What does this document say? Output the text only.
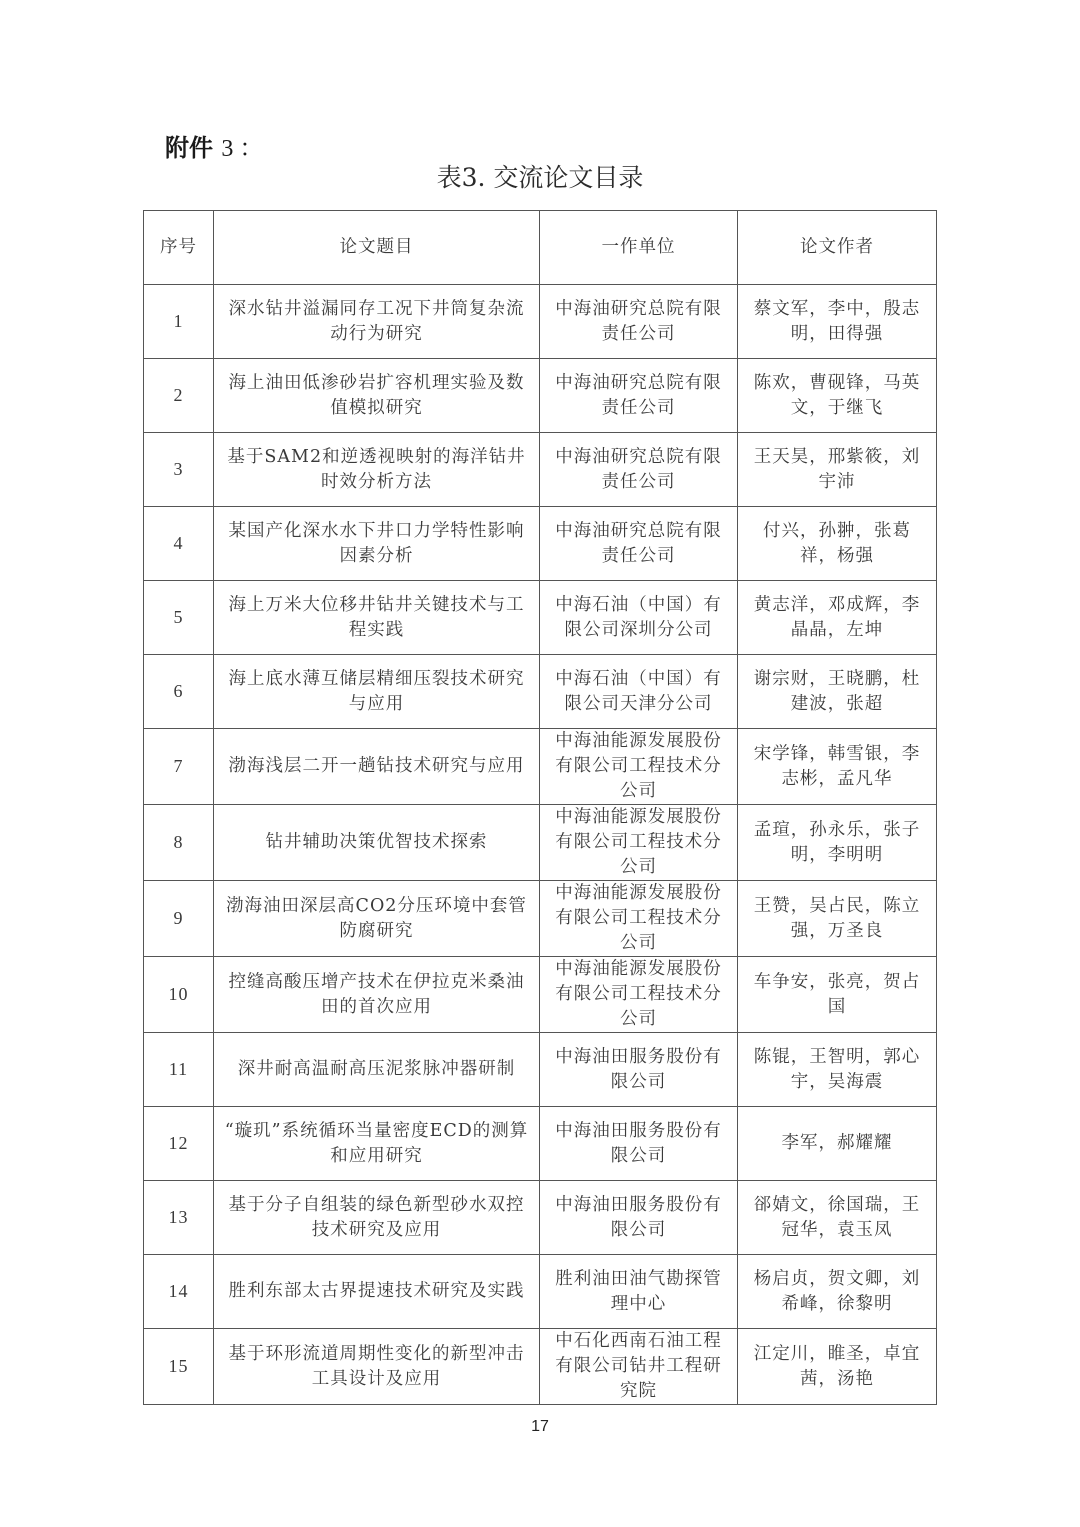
附件 3 ：
表3. 交流论文目录
序号	论文题目	一作单位	论文作者
1	深水钻井溢漏同存工况下井筒复杂流动行为研究	中海油研究总院有限责任公司	蔡文军，李中，殷志明，田得强
2	海上油田低渗砂岩扩容机理实验及数值模拟研究	中海油研究总院有限责任公司	陈欢，曹砚锋，马英文，于继飞
3	基于SAM2和逆透视映射的海洋钻井时效分析方法	中海油研究总院有限责任公司	王天昊，邢紫筱，刘宇沛
4	某国产化深水水下井口力学特性影响因素分析	中海油研究总院有限责任公司	付兴，孙翀，张葛祥，杨强
5	海上万米大位移井钻井关键技术与工程实践	中海石油（中国）有限公司深圳分公司	黄志洋，邓成辉，李晶晶，左坤
6	海上底水薄互储层精细压裂技术研究与应用	中海石油（中国）有限公司天津分公司	谢宗财，王晓鹏，杜建波，张超
7	渤海浅层二开一趟钻技术研究与应用	中海油能源发展股份有限公司工程技术分公司	宋学锋，韩雪银，李志彬，孟凡华
8	钻井辅助决策优智技术探索	中海油能源发展股份有限公司工程技术分公司	孟瑄，孙永乐，张子明，李明明
9	渤海油田深层高CO2分压环境中套管防腐研究	中海油能源发展股份有限公司工程技术分公司	王赞，吴占民，陈立强，万圣良
10	控缝高酸压增产技术在伊拉克米桑油田的首次应用	中海油能源发展股份有限公司工程技术分公司	车争安，张亮，贺占国
11	深井耐高温耐高压泥浆脉冲器研制	中海油田服务股份有限公司	陈锟，王智明，郭心宇，吴海震
12	“璇玑”系统循环当量密度ECD的测算和应用研究	中海油田服务股份有限公司	李军，郝耀耀
13	基于分子自组装的绿色新型砂水双控技术研究及应用	中海油田服务股份有限公司	郤婧文，徐国瑞，王冠华，袁玉凤
14	胜利东部太古界提速技术研究及实践	胜利油田油气勘探管理中心	杨启贞，贺文卿，刘希峰，徐黎明
15	基于环形流道周期性变化的新型冲击工具设计及应用	中石化西南石油工程有限公司钻井工程研究院	江定川，睢圣，卓宜茜，汤艳
17
